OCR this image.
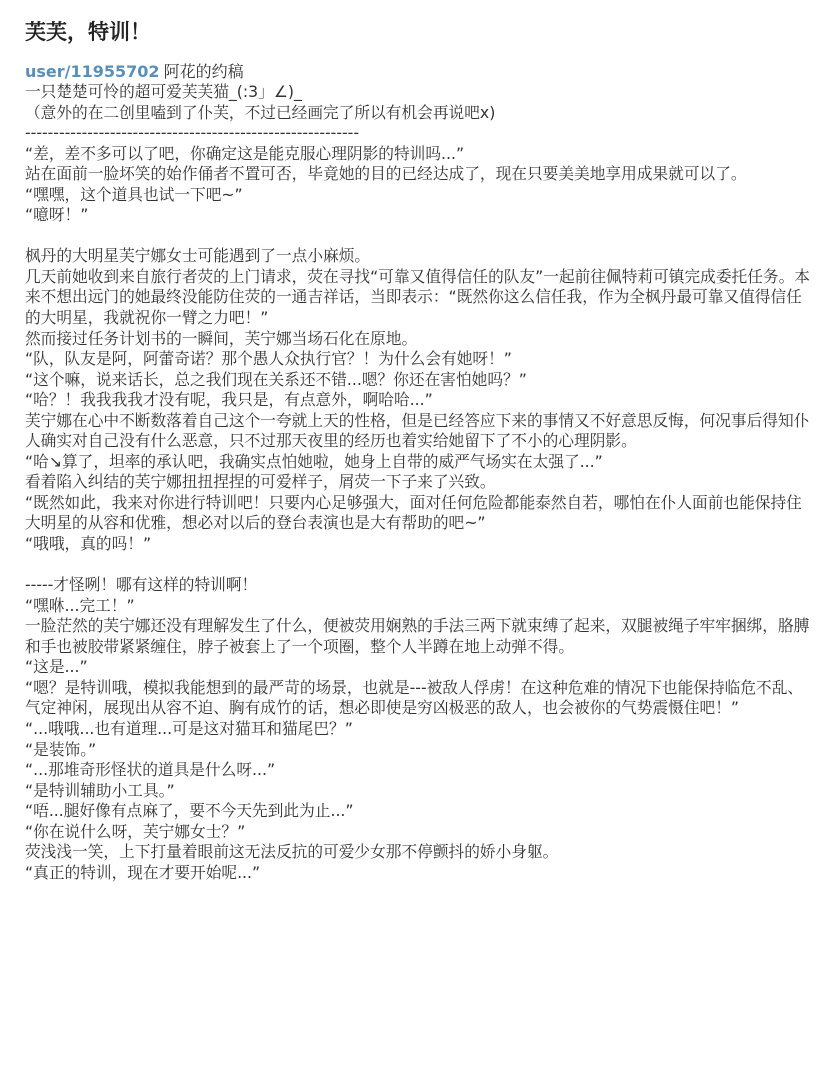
芙芙，特训！
user/11955702 阿花的约稿

一只楚楚可怜的超可爱芙芙猫_(:3」∠)_

（意外的在二创里嗑到了仆芙，不过已经画完了所以有机会再说吧x)

-----------------------------------------------------------

“差，差不多可以了吧，你确定这是能克服心理阴影的特训吗...”

站在面前一脸坏笑的始作俑者不置可否，毕竟她的目的已经达成了，现在只要美美地享用成果就可以了。

“嘿嘿，这个道具也试一下吧~”

“噫呀！”

枫丹的大明星芙宁娜女士可能遇到了一点小麻烦。

几天前她收到来自旅行者荧的上门请求，荧在寻找“可靠又值得信任的队友”一起前往佩特莉可镇完成委托任务。本来不想出远门的她最终没能防住荧的一通吉祥话，当即表示：“既然你这么信任我，作为全枫丹最可靠又值得信任的大明星，我就祝你一臂之力吧！”

然而接过任务计划书的一瞬间，芙宁娜当场石化在原地。

“队，队友是阿，阿蕾奇诺？那个愚人众执行官？！为什么会有她呀！”

“这个嘛，说来话长，总之我们现在关系还不错...嗯？你还在害怕她吗？”

“哈？！我我我我才没有呢，我只是，有点意外，啊哈哈...”

芙宁娜在心中不断数落着自己这个一夸就上天的性格，但是已经答应下来的事情又不好意思反悔，何况事后得知仆人确实对自己没有什么恶意，只不过那天夜里的经历也着实给她留下了不小的心理阴影。

“哈↘算了，坦率的承认吧，我确实点怕她啦，她身上自带的威严气场实在太强了...”

看着陷入纠结的芙宁娜扭扭捏捏的可爱样子，屑荧一下子来了兴致。

“既然如此，我来对你进行特训吧！只要内心足够强大，面对任何危险都能泰然自若，哪怕在仆人面前也能保持住大明星的从容和优雅，想必对以后的登台表演也是大有帮助的吧~”

“哦哦，真的吗！”

-----才怪咧！哪有这样的特训啊！

“嘿咻...完工！”

一脸茫然的芙宁娜还没有理解发生了什么，便被荧用娴熟的手法三两下就束缚了起来，双腿被绳子牢牢捆绑，胳膊和手也被胶带紧紧缠住，脖子被套上了一个项圈，整个人半蹲在地上动弹不得。

“这是...”

“嗯？是特训哦，模拟我能想到的最严苛的场景，也就是---被敌人俘虏！在这种危难的情况下也能保持临危不乱、气定神闲，展现出从容不迫、胸有成竹的话，想必即使是穷凶极恶的敌人，也会被你的气势震慑住吧！”

“...哦哦...也有道理...可是这对猫耳和猫尾巴？”

“是装饰。”

“...那堆奇形怪状的道具是什么呀...”

“是特训辅助小工具。”

“唔...腿好像有点麻了，要不今天先到此为止...”

“你在说什么呀，芙宁娜女士？”

荧浅浅一笑，上下打量着眼前这无法反抗的可爱少女那不停颤抖的娇小身躯。

“真正的特训，现在才要开始呢...”
